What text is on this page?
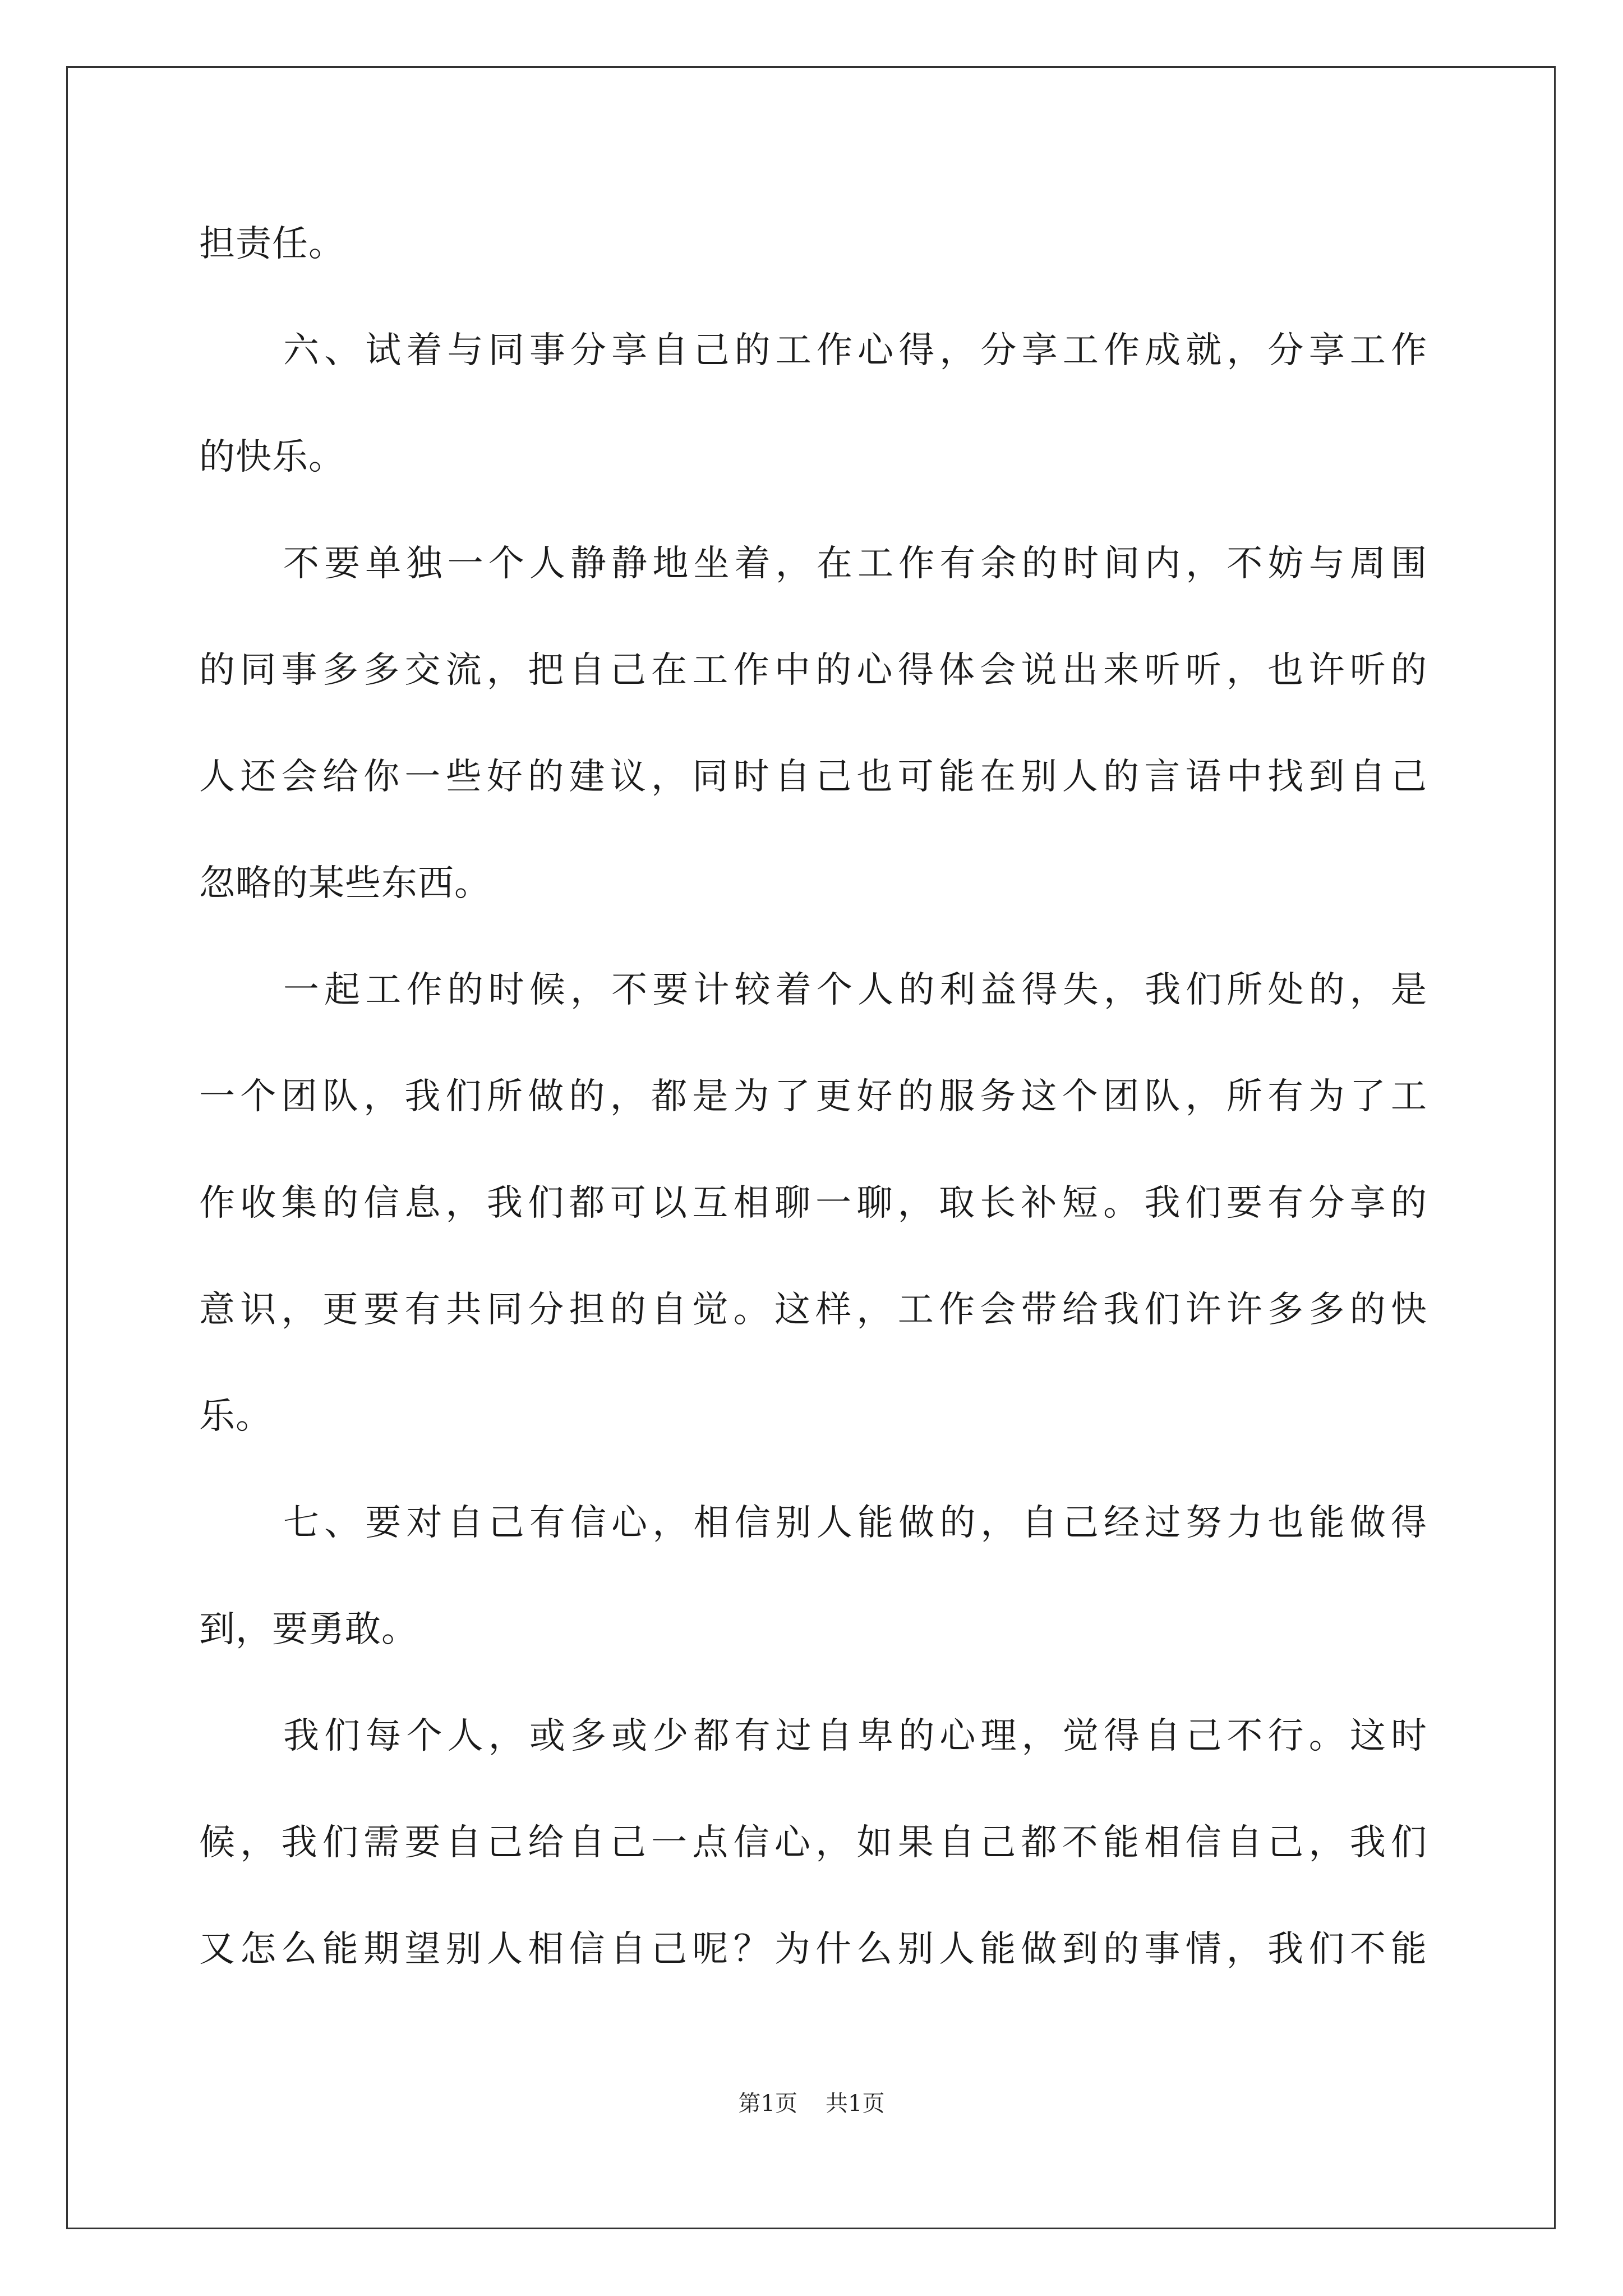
担责任。

六、试着与同事分享自己的工作心得，分享工作成就，分享工作

的快乐。

不要单独一个人静静地坐着，在工作有余的时间内，不妨与周围

的同事多多交流，把自己在工作中的心得体会说出来听听，也许听的

人还会给你一些好的建议，同时自己也可能在别人的言语中找到自己

忽略的某些东西。

一起工作的时候，不要计较着个人的利益得失，我们所处的，是

一个团队，我们所做的，都是为了更好的服务这个团队，所有为了工

作收集的信息，我们都可以互相聊一聊，取长补短。我们要有分享的

意识，更要有共同分担的自觉。这样，工作会带给我们许许多多的快

乐。

七、要对自己有信心，相信别人能做的，自己经过努力也能做得

到，要勇敢。

我们每个人，或多或少都有过自卑的心理，觉得自己不行。这时

候，我们需要自己给自己一点信心，如果自己都不能相信自己，我们

又怎么能期望别人相信自己呢？为什么别人能做到的事情，我们不能

第1页 共1页
